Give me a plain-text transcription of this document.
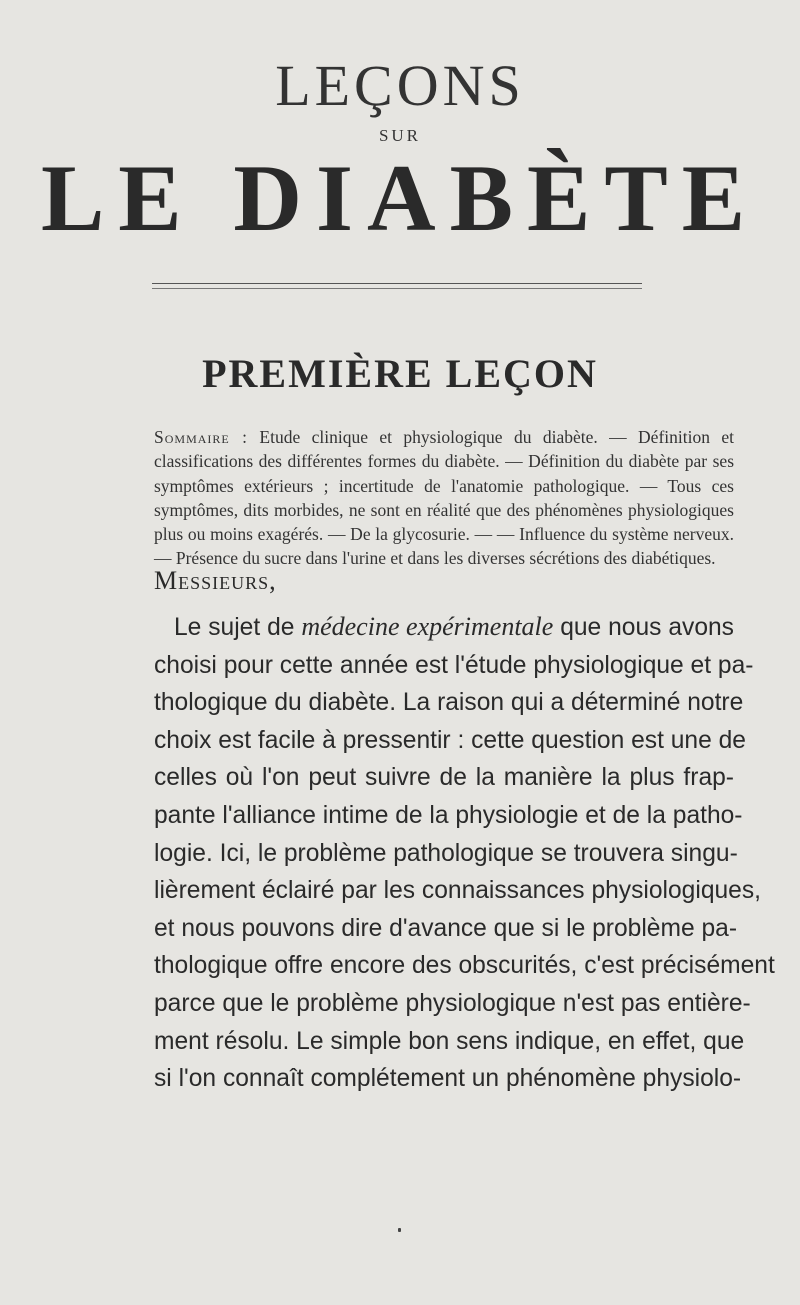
LEÇONS
SUR
LE DIABÈTE
PREMIÈRE LEÇON
Sommaire : Etude clinique et physiologique du diabète. — Définition et classifications des différentes formes du diabète. — Définition du diabète par ses symptômes extérieurs ; incertitude de l'anatomie pathologique. — Tous ces symptômes, dits morbides, ne sont en réalité que des phénomènes physiologiques plus ou moins exagérés. — De la glycosurie. — — Influence du système nerveux. — Présence du sucre dans l'urine et dans les diverses sécrétions des diabétiques.
Messieurs,
Le sujet de médecine expérimentale que nous avons
choisi pour cette année est l'étude physiologique et pa-
thologique du diabète. La raison qui a déterminé notre
choix est facile à pressentir : cette question est une de
celles où l'on peut suivre de la manière la plus frap-
pante l'alliance intime de la physiologie et de la patho-
logie. Ici, le problème pathologique se trouvera singu-
lièrement éclairé par les connaissances physiologiques,
et nous pouvons dire d'avance que si le problème pa-
thologique offre encore des obscurités, c'est précisément
parce que le problème physiologique n'est pas entière-
ment résolu. Le simple bon sens indique, en effet, que
si l'on connaît complétement un phénomène physiolo-
